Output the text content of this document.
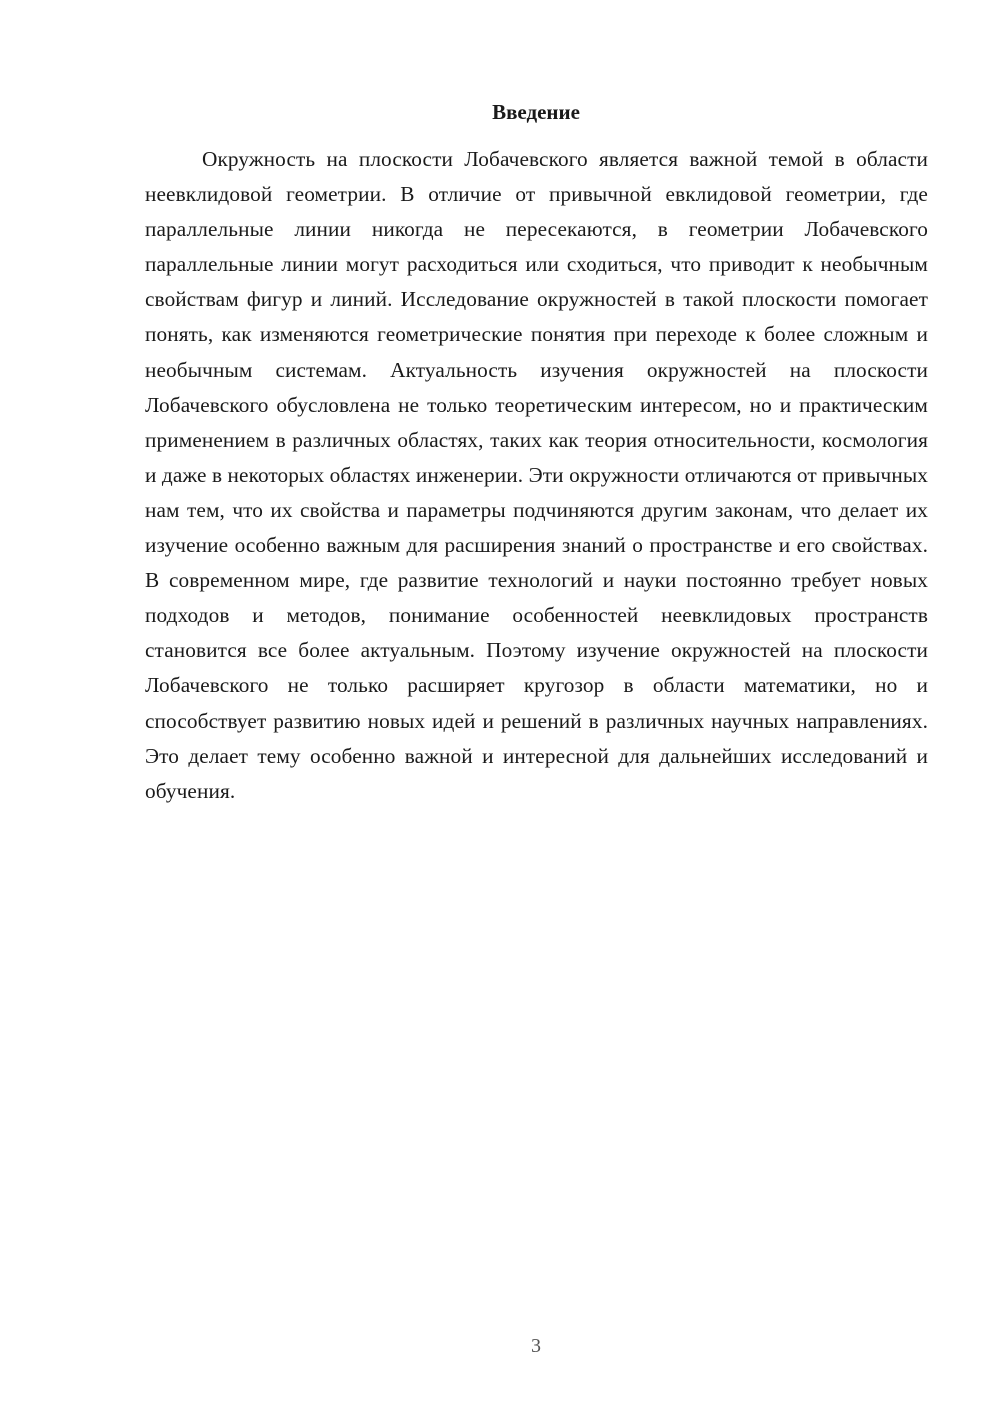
Введение

Окружность на плоскости Лобачевского является важной темой в области неевклидовой геометрии. В отличие от привычной евклидовой геометрии, где параллельные линии никогда не пересекаются, в геометрии Лобачевского параллельные линии могут расходиться или сходиться, что приводит к необычным свойствам фигур и линий. Исследование окружностей в такой плоскости помогает понять, как изменяются геометрические понятия при переходе к более сложным и необычным системам. Актуальность изучения окружностей на плоскости Лобачевского обусловлена не только теоретическим интересом, но и практическим применением в различных областях, таких как теория относительности, космология и даже в некоторых областях инженерии. Эти окружности отличаются от привычных нам тем, что их свойства и параметры подчиняются другим законам, что делает их изучение особенно важным для расширения знаний о пространстве и его свойствах. В современном мире, где развитие технологий и науки постоянно требует новых подходов и методов, понимание особенностей неевклидовых пространств становится все более актуальным. Поэтому изучение окружностей на плоскости Лобачевского не только расширяет кругозор в области математики, но и способствует развитию новых идей и решений в различных научных направлениях. Это делает тему особенно важной и интересной для дальнейших исследований и обучения.

3
